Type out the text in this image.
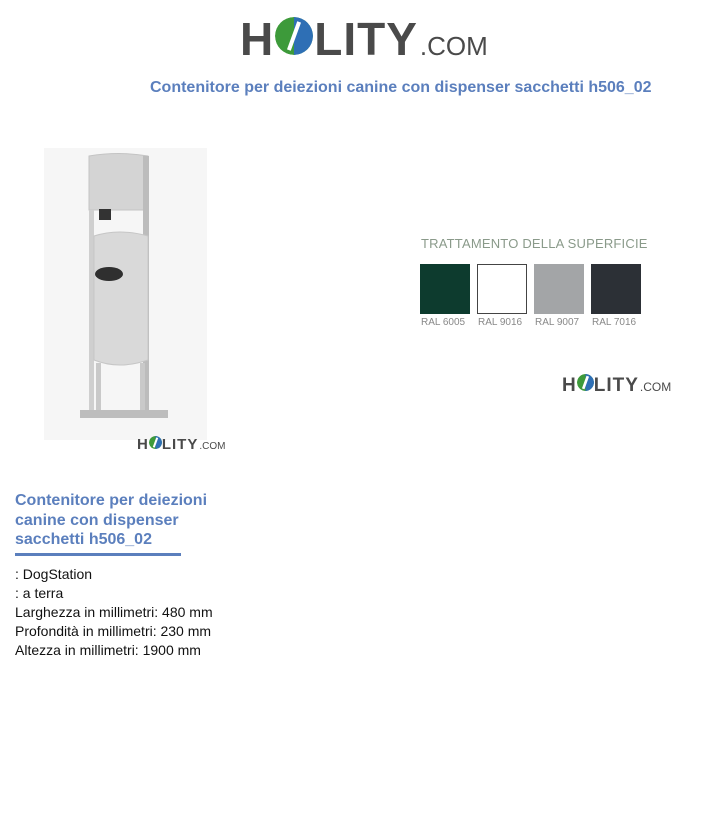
H LITY .COM
Contenitore per deiezioni canine con dispenser sacchetti h506_02
H LITY .COM
TRATTAMENTO DELLA SUPERFICIE
RAL 6005	RAL 9016	RAL 9007	RAL 7016
H LITY .COM
Contenitore per deiezioni canine con dispenser sacchetti h506_02
: DogStation
: a terra
Larghezza in millimetri: 480 mm
Profondità in millimetri: 230 mm
Altezza in millimetri: 1900 mm
